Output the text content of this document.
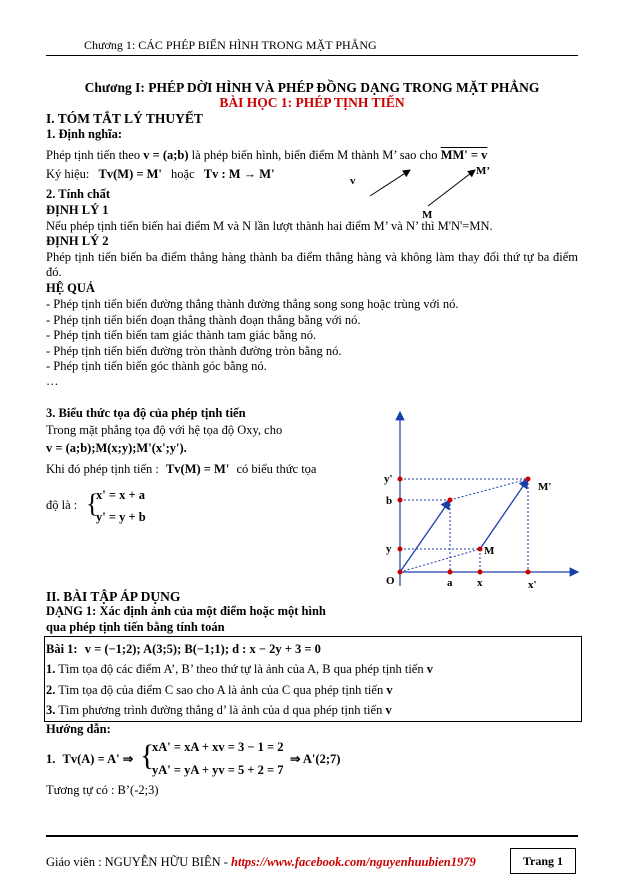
Chương 1: CÁC PHÉP BIẾN HÌNH TRONG MẶT PHẲNG
Chương I: PHÉP DỜI HÌNH VÀ PHÉP ĐỒNG DẠNG TRONG MẶT PHẲNG
BÀI HỌC 1: PHÉP TỊNH TIẾN
I. TÓM TẮT LÝ THUYẾT
1. Định nghĩa:
Phép tịnh tiến theo v = (a;b) là phép biến hình, biến điểm M thành M’ sao cho MM' = v
Ký hiệu: Tv(M) = M' hoặc Tv : M → M'	v
M’
M
2. Tính chất
ĐỊNH LÝ 1
Nếu phép tịnh tiến biến hai điểm M và N lần lượt thành hai điểm M’ và N’ thì M'N'=MN.
ĐỊNH LÝ 2
Phép tịnh tiến biến ba điểm thẳng hàng thành ba điểm thẳng hàng và không làm thay đổi thứ tự ba điểm đó.
HỆ QUẢ
- Phép tịnh tiến biến đường thẳng thành đường thẳng song song hoặc trùng với nó.
- Phép tịnh tiến biến đoạn thẳng thành đoạn thẳng bằng với nó.
- Phép tịnh tiến biến tam giác thành tam giác bằng nó.
- Phép tịnh tiến biến đường tròn thành đường tròn bằng nó.
- Phép tịnh tiến biến góc thành góc bằng nó.
…
3. Biểu thức tọa độ của phép tịnh tiến
Trong mặt phẳng tọa độ với hệ tọa độ Oxy, cho
v = (a;b);M(x;y);M'(x';y').
Khi đó phép tịnh tiến : Tv(M) = M' có biểu thức tọa
độ là : {
x' = x + a
y' = y + b
y'
b
y
O	a x	x'
M
M'
II. BÀI TẬP ÁP DỤNG
DẠNG 1: Xác định ảnh của một điểm hoặc một hình
qua phép tịnh tiến bằng tính toán
Bài 1: v = (−1;2); A(3;5); B(−1;1); d : x − 2y + 3 = 0
1. Tìm tọa độ các điểm A’, B’ theo thứ tự là ảnh của A, B qua phép tịnh tiến v
2. Tìm tọa độ của điểm C sao cho A là ảnh của C qua phép tịnh tiến v
3. Tìm phương trình đường thẳng d’ là ảnh của d qua phép tịnh tiến v
Hướng dẫn:
1. Tv(A) = A' ⇒ {
xA' = xA + xv = 3 − 1 = 2
yA' = yA + yv = 5 + 2 = 7
⇒ A'(2;7)
Tương tự có : B’(-2;3)
Giáo viên : NGUYỄN HỮU BIÊN - https://www.facebook.com/nguyenhuubien1979	Trang 1
